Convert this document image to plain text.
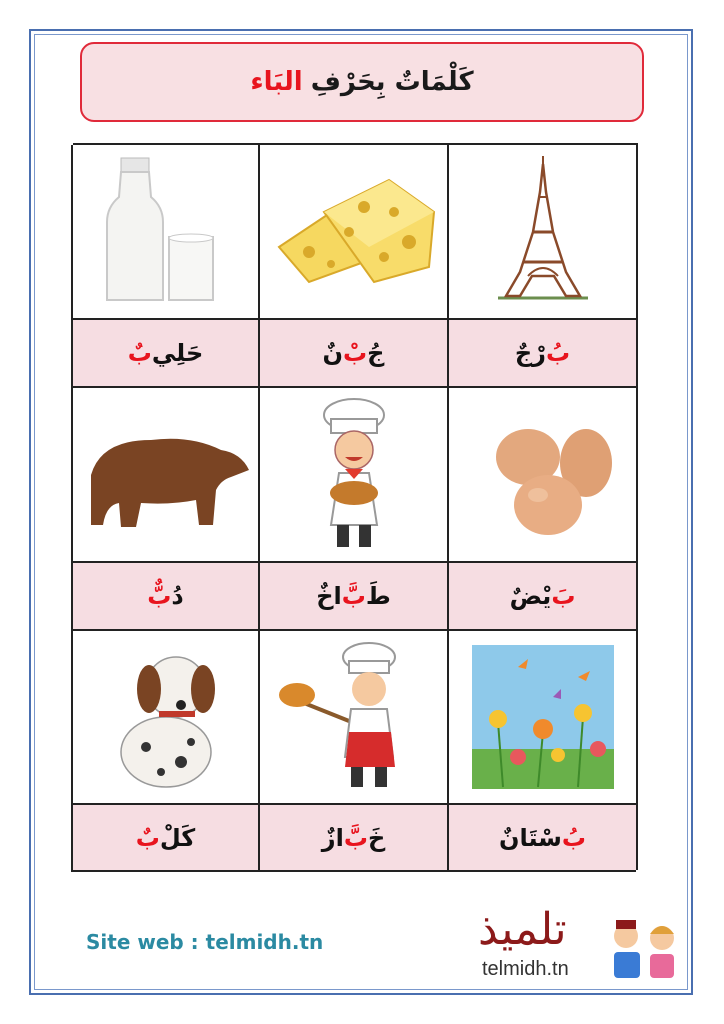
كَلْمَاتٌ بِحَرْفِ
البَاء
بُ
رْجٌ
جُ
بْ
نٌ
حَلِي
بٌ
بَ
يْضٌ
طَ
بَّ
اخٌ
دُ
بٌّ
بُ
سْتَانٌ
خَ
بَّ
ازٌ
كَلْ
بٌ
Site web : telmidh.tn	تلميذ
telmidh.tn
